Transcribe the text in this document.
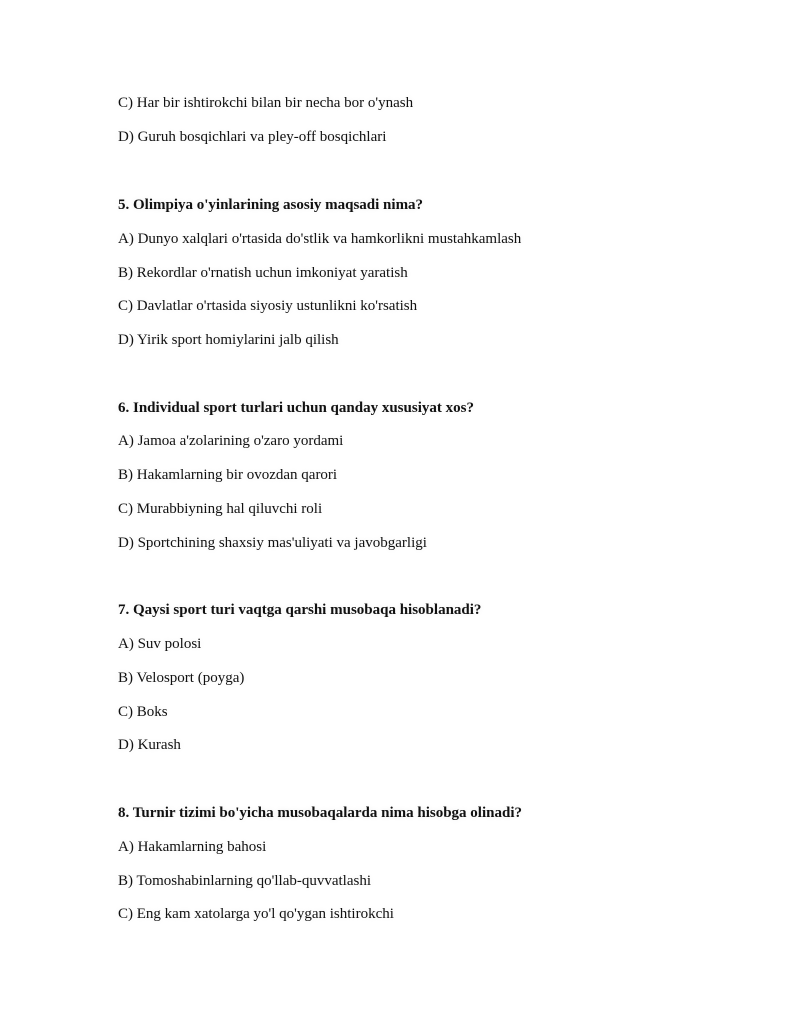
C) Har bir ishtirokchi bilan bir necha bor o'ynash
D) Guruh bosqichlari va pley-off bosqichlari
5. Olimpiya o'yinlarining asosiy maqsadi nima?
A) Dunyo xalqlari o'rtasida do'stlik va hamkorlikni mustahkamlash
B) Rekordlar o'rnatish uchun imkoniyat yaratish
C) Davlatlar o'rtasida siyosiy ustunlikni ko'rsatish
D) Yirik sport homiylarini jalb qilish
6. Individual sport turlari uchun qanday xususiyat xos?
A) Jamoa a'zolarining o'zaro yordami
B) Hakamlarning bir ovozdan qarori
C) Murabbiyning hal qiluvchi roli
D) Sportchining shaxsiy mas'uliyati va javobgarligi
7. Qaysi sport turi vaqtga qarshi musobaqa hisoblanadi?
A) Suv polosi
B) Velosport (poyga)
C) Boks
D) Kurash
8. Turnir tizimi bo'yicha musobaqalarda nima hisobga olinadi?
A) Hakamlarning bahosi
B) Tomoshabinlarning qo'llab-quvvatlashi
C) Eng kam xatolarga yo'l qo'ygan ishtirokchi
